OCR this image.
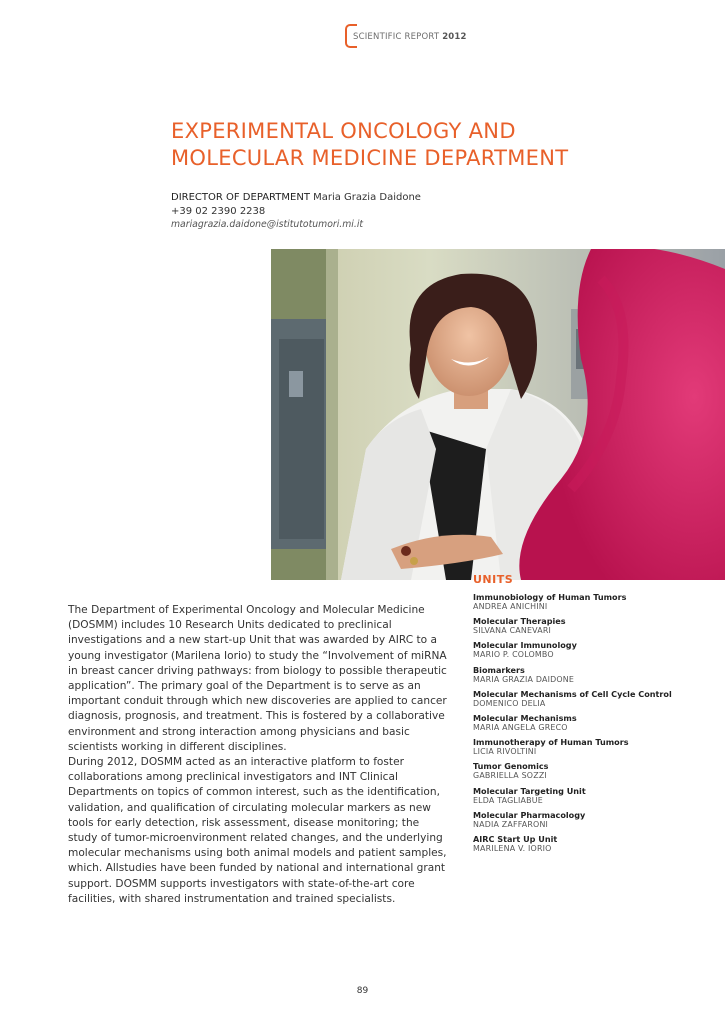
SCIENTIFIC REPORT 2012
EXPERIMENTAL ONCOLOGY AND
MOLECULAR MEDICINE DEPARTMENT
DIRECTOR OF DEPARTMENT Maria Grazia Daidone
+39 02 2390 2238
mariagrazia.daidone@istitutotumori.mi.it

The Department of Experimental Oncology and Molecular Medicine (DOSMM) includes 10 Research Units dedicated to preclinical investigations and a new start-up Unit that was awarded by AIRC to a young investigator (Marilena Iorio) to study the “Involvement of miRNA in breast cancer driving pathways: from biology to possible therapeutic application”. The primary goal of the Department is to serve as an important conduit through which new discoveries are applied to cancer diagnosis, prognosis, and treatment. This is fostered by a collaborative environment and strong interaction among physicians and basic scientists working in different disciplines.

During 2012, DOSMM acted as an interactive platform to foster collaborations among preclinical investigators and INT Clinical Departments on topics of common interest, such as the identification, validation, and qualification of circulating molecular markers as new tools for early detection, risk assessment, disease monitoring; the study of tumor-microenvironment related changes, and the underlying molecular mechanisms using both animal models and patient samples, which. Allstudies have been funded by national and international grant support. DOSMM supports investigators with state-of-the-art core facilities, with shared instrumentation and trained specialists.

UNITS
Immunobiology of Human Tumors
ANDREA ANICHINI
Molecular Therapies
SILVANA CANEVARI
Molecular Immunology
MARIO P. COLOMBO
Biomarkers
MARIA GRAZIA DAIDONE
Molecular Mechanisms of Cell Cycle Control
DOMENICO DELIA
Molecular Mechanisms
MARIA ANGELA GRECO
Immunotherapy of Human Tumors
LICIA RIVOLTINI
Tumor Genomics
GABRIELLA SOZZI
Molecular Targeting Unit
ELDA TAGLIABUE
Molecular Pharmacology
NADIA ZAFFARONI
AIRC Start Up Unit
MARILENA V. IORIO
89
